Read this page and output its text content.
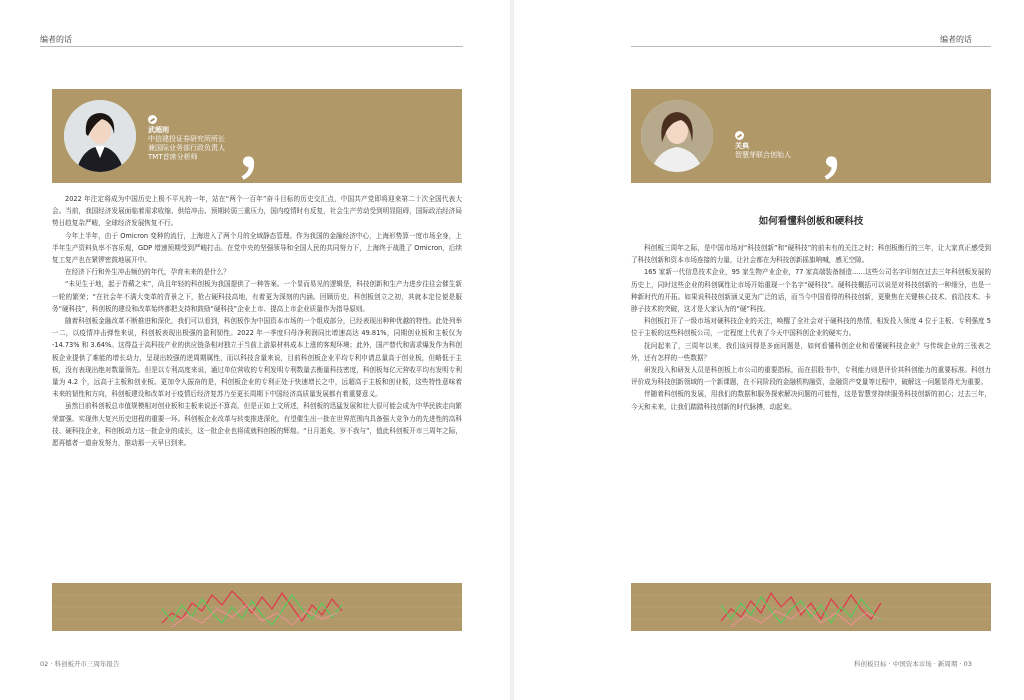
编者的话
武超则
中信建投证券研究所所长
兼国际业务部行政负责人
TMT首席分析师 ，

2022 年注定将成为中国历史上极不平凡的一年，站在“两个一百年”奋斗目标的历史交汇点，中国共产党即将迎来第二十次全国代表大会。当前，我国经济发展面临着需求收缩、供给冲击、预期转弱三重压力，国内疫情时有反复，社会生产劳动受到明显阻碍，国际政治经济局势日趋复杂严峻，全球经济发展恢复不行。

今年上半年，由于 Omicron 变种的流行，上海进入了两个月的全域静态管理。作为我国的金融经济中心，上海形势算一度市场全身，上半年生产资料负率不容乐观，GDP 增速预期受到严峻打击。在党中央的坚强领导和全国人民的共同努力下，上海终于战胜了 Omicron，后续复工复产也在紧锣密鼓地展开中。

在经济下行和外生冲击频仍的年代，孕育未来的是什么？

“未见生于地，起于青蘋之末”，尚且年轻的科创板为我国提供了一种答案。一个显而易见的逻辑是，科技创新和生产力进步往往会催生新一轮的繁荣；“在社会年不满大变革的背景之下，抢占硬科技高地，有着更为深刻的内涵。回顾历史，科创板创立之初，其就本定位便是服务“硬科技”，科创板的建设和改革始终都把支持和鼓励“硬科技”企业上市、提高上市企业质量作为指导原则。

随着科创板金融改革不断推进和深化，我们可以看到，科创板作为中国资本市场的一个组成部分，已经表现出种种优越的特性。此处列举一二，以疫情冲击弹性来说，科创板表现出极强的盈利韧性。2022 年一季度归母净利润同比增速高达 49.81%，同期创业板和主板仅为 -14.73% 和 3.64%。这得益于高科技产业的供应链条相对独立于当前上游原材料成本上涨的客观环境；此外，国产替代和需求爆发作为科创板企业提供了难能的增长动力，呈现出较强的逆周期属性，而以科技含量来说，目前科创板企业平均专利申请总量高于创业板，但略低于主板，没有表现出绝对数量领先。但是以专利高度来说，通过单位营收的专利发明专利数量去衡量科技密度，科创板每亿元营收平均有发明专利量为 4.2 个，远高于主板和创业板。更加令人振奋的是，科创板企业的专利正处于快速增长之中，远超高于主板和创业板，这些特性意味着未来的韧性和方向，科创板建设和改革对于疫情后经济复苏乃至更长周期下中国经济高质量发展都有着重要意义。

虽然目前科创板总市值规模相对创业板和主板来说还不算高，但是正如上文所述，科创板的迅猛发展和壮大很可能会成为中华民族走向繁荣富强、实现伟大复兴历史进程的重要一环。科创板企业改革与转变推进深化，有望催生出一批在世界范围内具备强大竞争力的先进性的高科技、硬科技企业，科创板动力这一批企业的成长，这一批企业也将成就科创板的辉煌。“日月逝矣，岁不我与”，值此科创板开市三周年之际，愿再德者一道奋发努力，推动那一天早日到来。

02 · 科创板开市三周年报告
编者的话
关典
智慧芽联合创始人 ，
如何看懂科创板和硬科技

科创板三周年之际，是中国市场对“科技创新”和“硬科技”的前未有的关注之时；科创板衡行的三年，让大家真正感受到了科技创新和资本市场连接的力量，让社会都在为科技创新摇旗呐喊，感无空隙。

165 家新一代信息技术企业，95 家生物产业企业，77 家高端装备制造……这些公司名字印刻在过去三年科创板发展的历史上，同时这些企业的科创属性让市场开始重现一个名字“硬科技”。硬科技概括可以说是对科技创新的一种细分，也是一种新时代的开拓。如果说科技创新涵义更为广泛的话，而当今中国看得的科技创新，更聚焦在关键核心技术、前沿技术、卡脖子技术的突破，这才是大家认为的“硬”科技。

科创板打开了一级市场对硬科技企业的关注，唤醒了全社会对于硬科技的热情，相发投入领度 4 位于主板、专利强度 5 位于主板的这些科创板公司，一定程度上代表了今天中国科创企业的硬实力。

抚问起来了，三周年以来，我们该问得是多面问题是，如何看懂科创企业和看懂硬科技企业？与传统企业的三张表之外，还有怎样的一些数据？

研发投入和研发人员是科创板上市公司的重要指标，而在招股书中，专利能力则是评价其科创能力的重要标准。科创力评价成为科技创新领域的一个新课题，在不同阶段的金融机构融资，金融资产变量等过程中，破解这一问题显得尤为重要。

伴随着科创板的发展，用我们的数据和服务探索解决问题的可能性，这是智慧芽持续服务科技创新的初心；过去三年，今天和未来，让我们踏踏科技创新的时代脉搏，动起来。

科创板目标 · 中国资本市场 · 新周期 · 03
